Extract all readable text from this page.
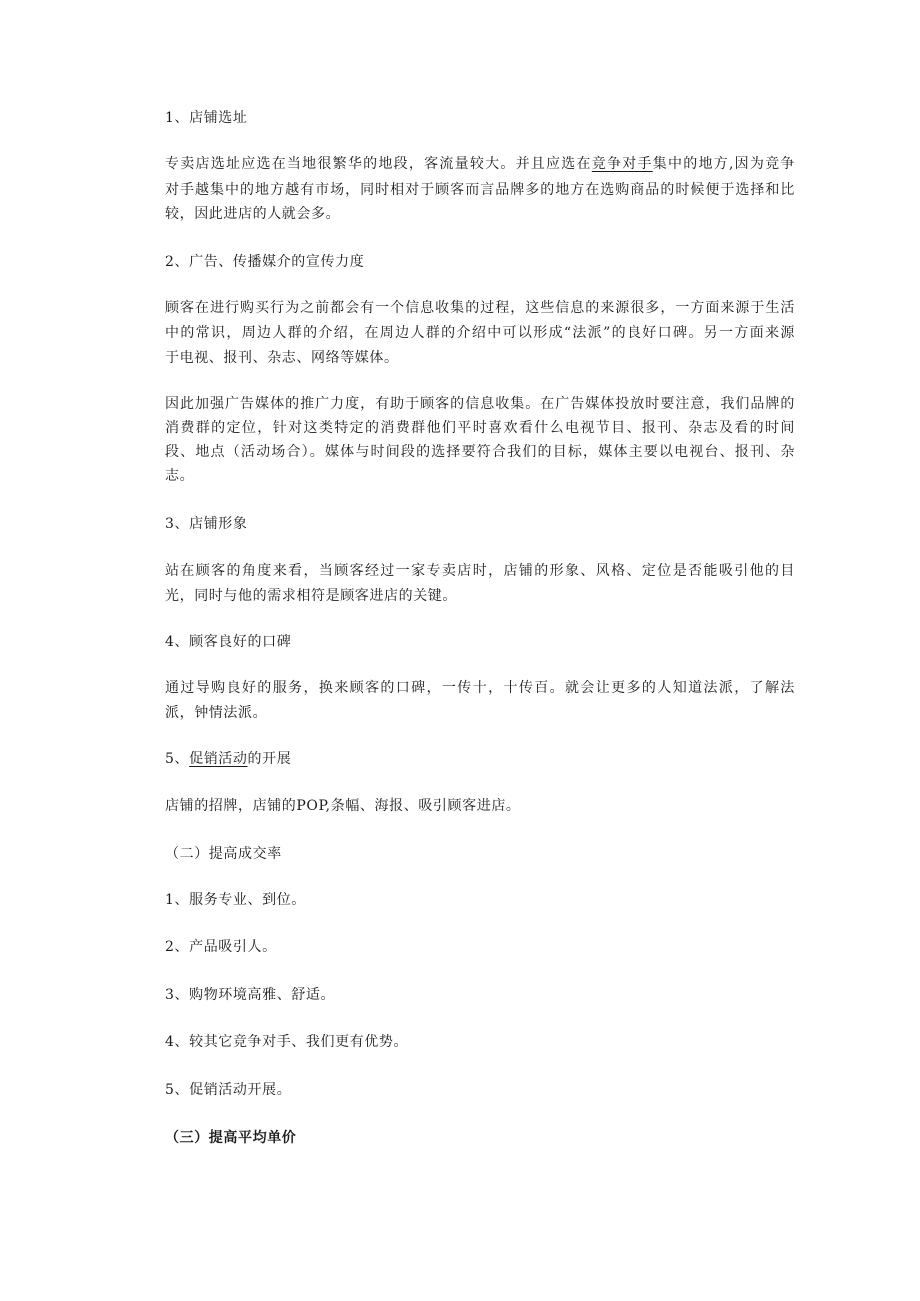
1、店铺选址
专卖店选址应选在当地很繁华的地段，客流量较大。并且应选在竞争对手集中的地方,因为竞争
对手越集中的地方越有市场，同时相对于顾客而言品牌多的地方在选购商品的时候便于选择和比
较，因此进店的人就会多。
2、广告、传播媒介的宣传力度
顾客在进行购买行为之前都会有一个信息收集的过程，这些信息的来源很多，一方面来源于生活
中的常识，周边人群的介绍，在周边人群的介绍中可以形成“法派”的良好口碑。另一方面来源
于电视、报刊、杂志、网络等媒体。
因此加强广告媒体的推广力度，有助于顾客的信息收集。在广告媒体投放时要注意，我们品牌的
消费群的定位，针对这类特定的消费群他们平时喜欢看什么电视节目、报刊、杂志及看的时间
段、地点（活动场合）。媒体与时间段的选择要符合我们的目标，媒体主要以电视台、报刊、杂
志。
3、店铺形象
站在顾客的角度来看，当顾客经过一家专卖店时，店铺的形象、风格、定位是否能吸引他的目
光，同时与他的需求相符是顾客进店的关键。
4、顾客良好的口碑
通过导购良好的服务，换来顾客的口碑，一传十，十传百。就会让更多的人知道法派，了解法
派，钟情法派。
5、促销活动的开展
店铺的招牌，店铺的POP,条幅、海报、吸引顾客进店。
（二）提高成交率
1、服务专业、到位。
2、产品吸引人。
3、购物环境高雅、舒适。
4、较其它竞争对手、我们更有优势。
5、促销活动开展。
（三）提高平均单价
